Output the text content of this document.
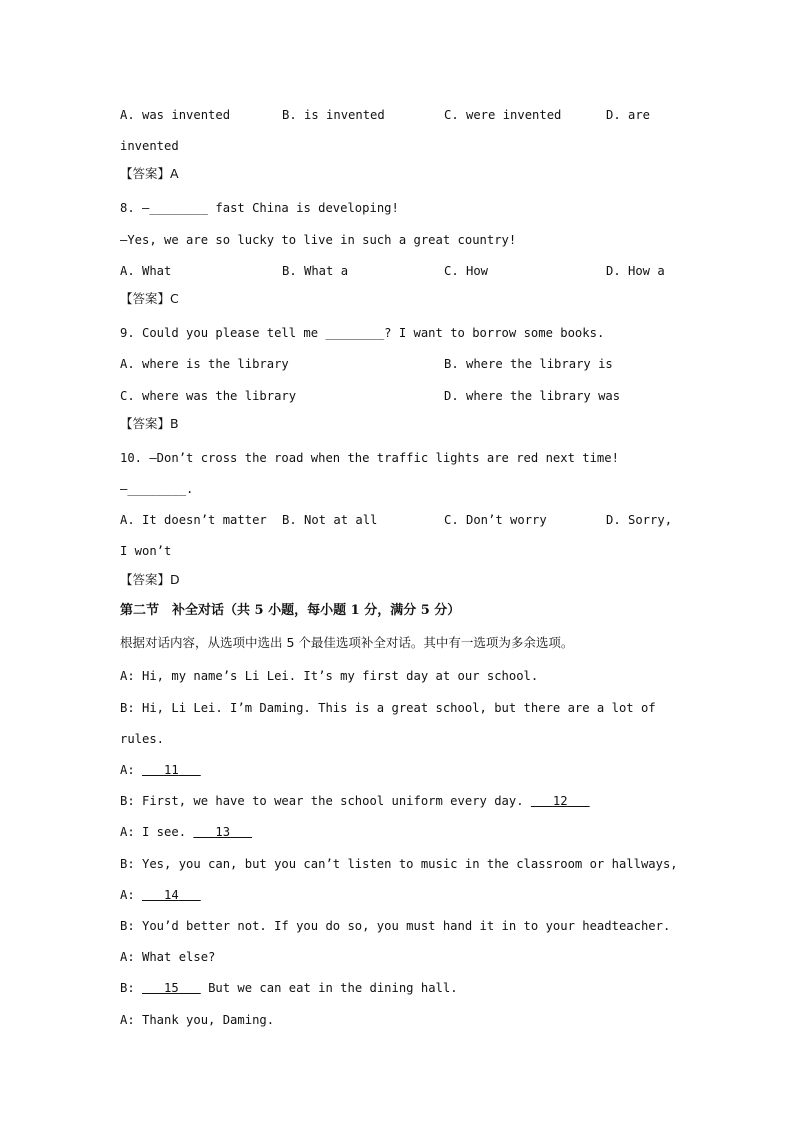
A. was invented	B. is invented	C. were invented	D. are
invented
【答案】A
8. —________ fast China is developing!
—Yes, we are so lucky to live in such a great country!
A. What	B. What a	C. How	D. How a
【答案】C
9. Could you please tell me ________? I want to borrow some books.
A. where is the library	B. where the library is
C. where was the library	D. where the library was
【答案】B
10. —Don’t cross the road when the traffic lights are red next time!
—________.
A. It doesn’t matter B. Not at all	C. Don’t worry	D. Sorry,
I won’t
【答案】D
第二节　补全对话（共 5 小题，每小题 1 分，满分 5 分）
根据对话内容，从选项中选出 5 个最佳选项补全对话。其中有一选项为多余选项。
A: Hi, my name’s Li Lei. It’s my first day at our school.
B: Hi, Li Lei. I’m Daming. This is a great school, but there are a lot of
rules.
A:    11
B: First, we have to wear the school uniform every day.    12
A: I see.    13
B: Yes, you can, but you can’t listen to music in the classroom or hallways,
A:    14
B: You’d better not. If you do so, you must hand it in to your headteacher.
A: What else?
B:    15    But we can eat in the dining hall.
A: Thank you, Daming.
